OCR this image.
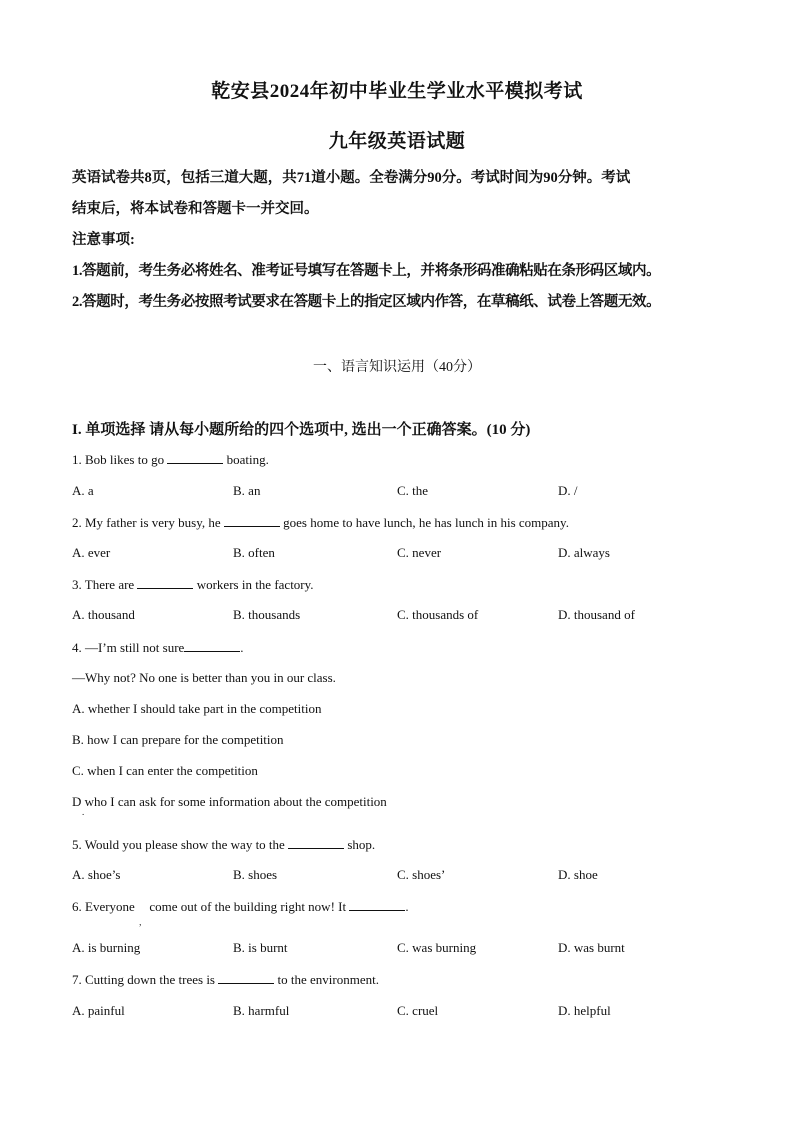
乾安县2024年初中毕业生学业水平模拟考试
九年级英语试题

英语试卷共8页，包括三道大题，共71道小题。全卷满分90分。考试时间为90分钟。考试

结束后，将本试卷和答题卡一并交回。

注意事项:

1.答题前，考生务必将姓名、准考证号填写在答题卡上，并将条形码准确粘贴在条形码区域内。

2.答题时，考生务必按照考试要求在答题卡上的指定区域内作答，在草稿纸、试卷上答题无效。

一、语言知识运用（40分）
I. 单项选择 请从每小题所给的四个选项中, 选出一个正确答案。(10 分)
1. Bob likes to go	boating.
A. a	B. an	C. the	D. /
2. My father is very busy, he	goes home to have lunch, he has lunch in his company.
A. ever	B. often	C. never	D. always
3. There are	workers in the factory.
A. thousand	B. thousands	C. thousands of	D. thousand of
4. —I’m still not sure	.
—Why not? No one is better than you in our class.
A. whether I should take part in the competition
B. how I can prepare for the competition
C. when I can enter the competition
D who I can ask for some information about the competition
.
5. Would you please show the way to the	shop.
A. shoe’s	B. shoes	C. shoes’	D. shoe
6. Everyone
,
come out of the building right now! It	.
A. is burning	B. is burnt	C. was burning	D. was burnt
7. Cutting down the trees is	to the environment.
A. painful	B. harmful	C. cruel	D. helpful
